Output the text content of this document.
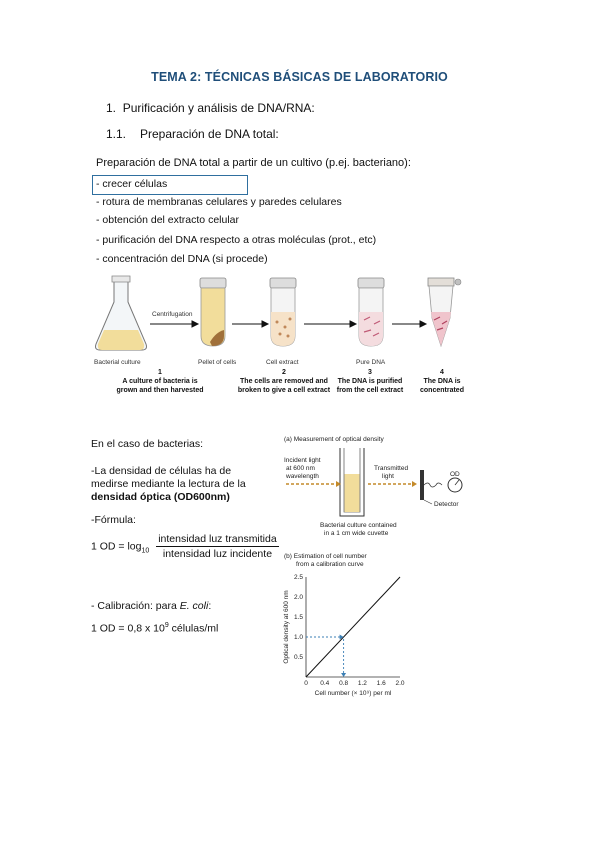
TEMA 2: TÉCNICAS BÁSICAS DE LABORATORIO
1. Purificación y análisis de DNA/RNA:
1.1. Preparación de DNA total:
Preparación de DNA total a partir de un cultivo (p.ej. bacteriano):
- crecer células
- rotura de membranas celulares y paredes celulares
- obtención del extracto celular
- purificación del DNA respecto a otras moléculas (prot., etc)
- concentración del DNA (si procede)
Centrifugation
Bacterial culture	Pellet of cells	Cell extract	Pure DNA
1
A culture of bacteria is
grown and then harvested
2
The cells are removed and
broken to give a cell extract
3
The DNA is purified
from the cell extract
4
The DNA is
concentrated
En el caso de bacterias:
-La densidad de células ha de medirse mediante la lectura de la densidad óptica (OD600nm)
-Fórmula:
1 OD = $\log_{10} \frac{\text{intensidad luz transmitida}}{\text{intensidad luz incidente}}$
- Calibración: para E. coli:
1 OD = 0,8 x $10^9$ células/ml
(a) Measurement of optical density
Incident light
at 600 nm
wavelength
Transmitted
light	OD
Detector
Bacterial culture contained
in a 1 cm wide cuvette
(b) Estimation of cell number
from a calibration curve
0 0.4 0.8 1.2 1.6 2.0
0.5
1.0
1.5
2.0
2.5
Cell number (× 10⁹) per ml
Optical density at 600 nm
